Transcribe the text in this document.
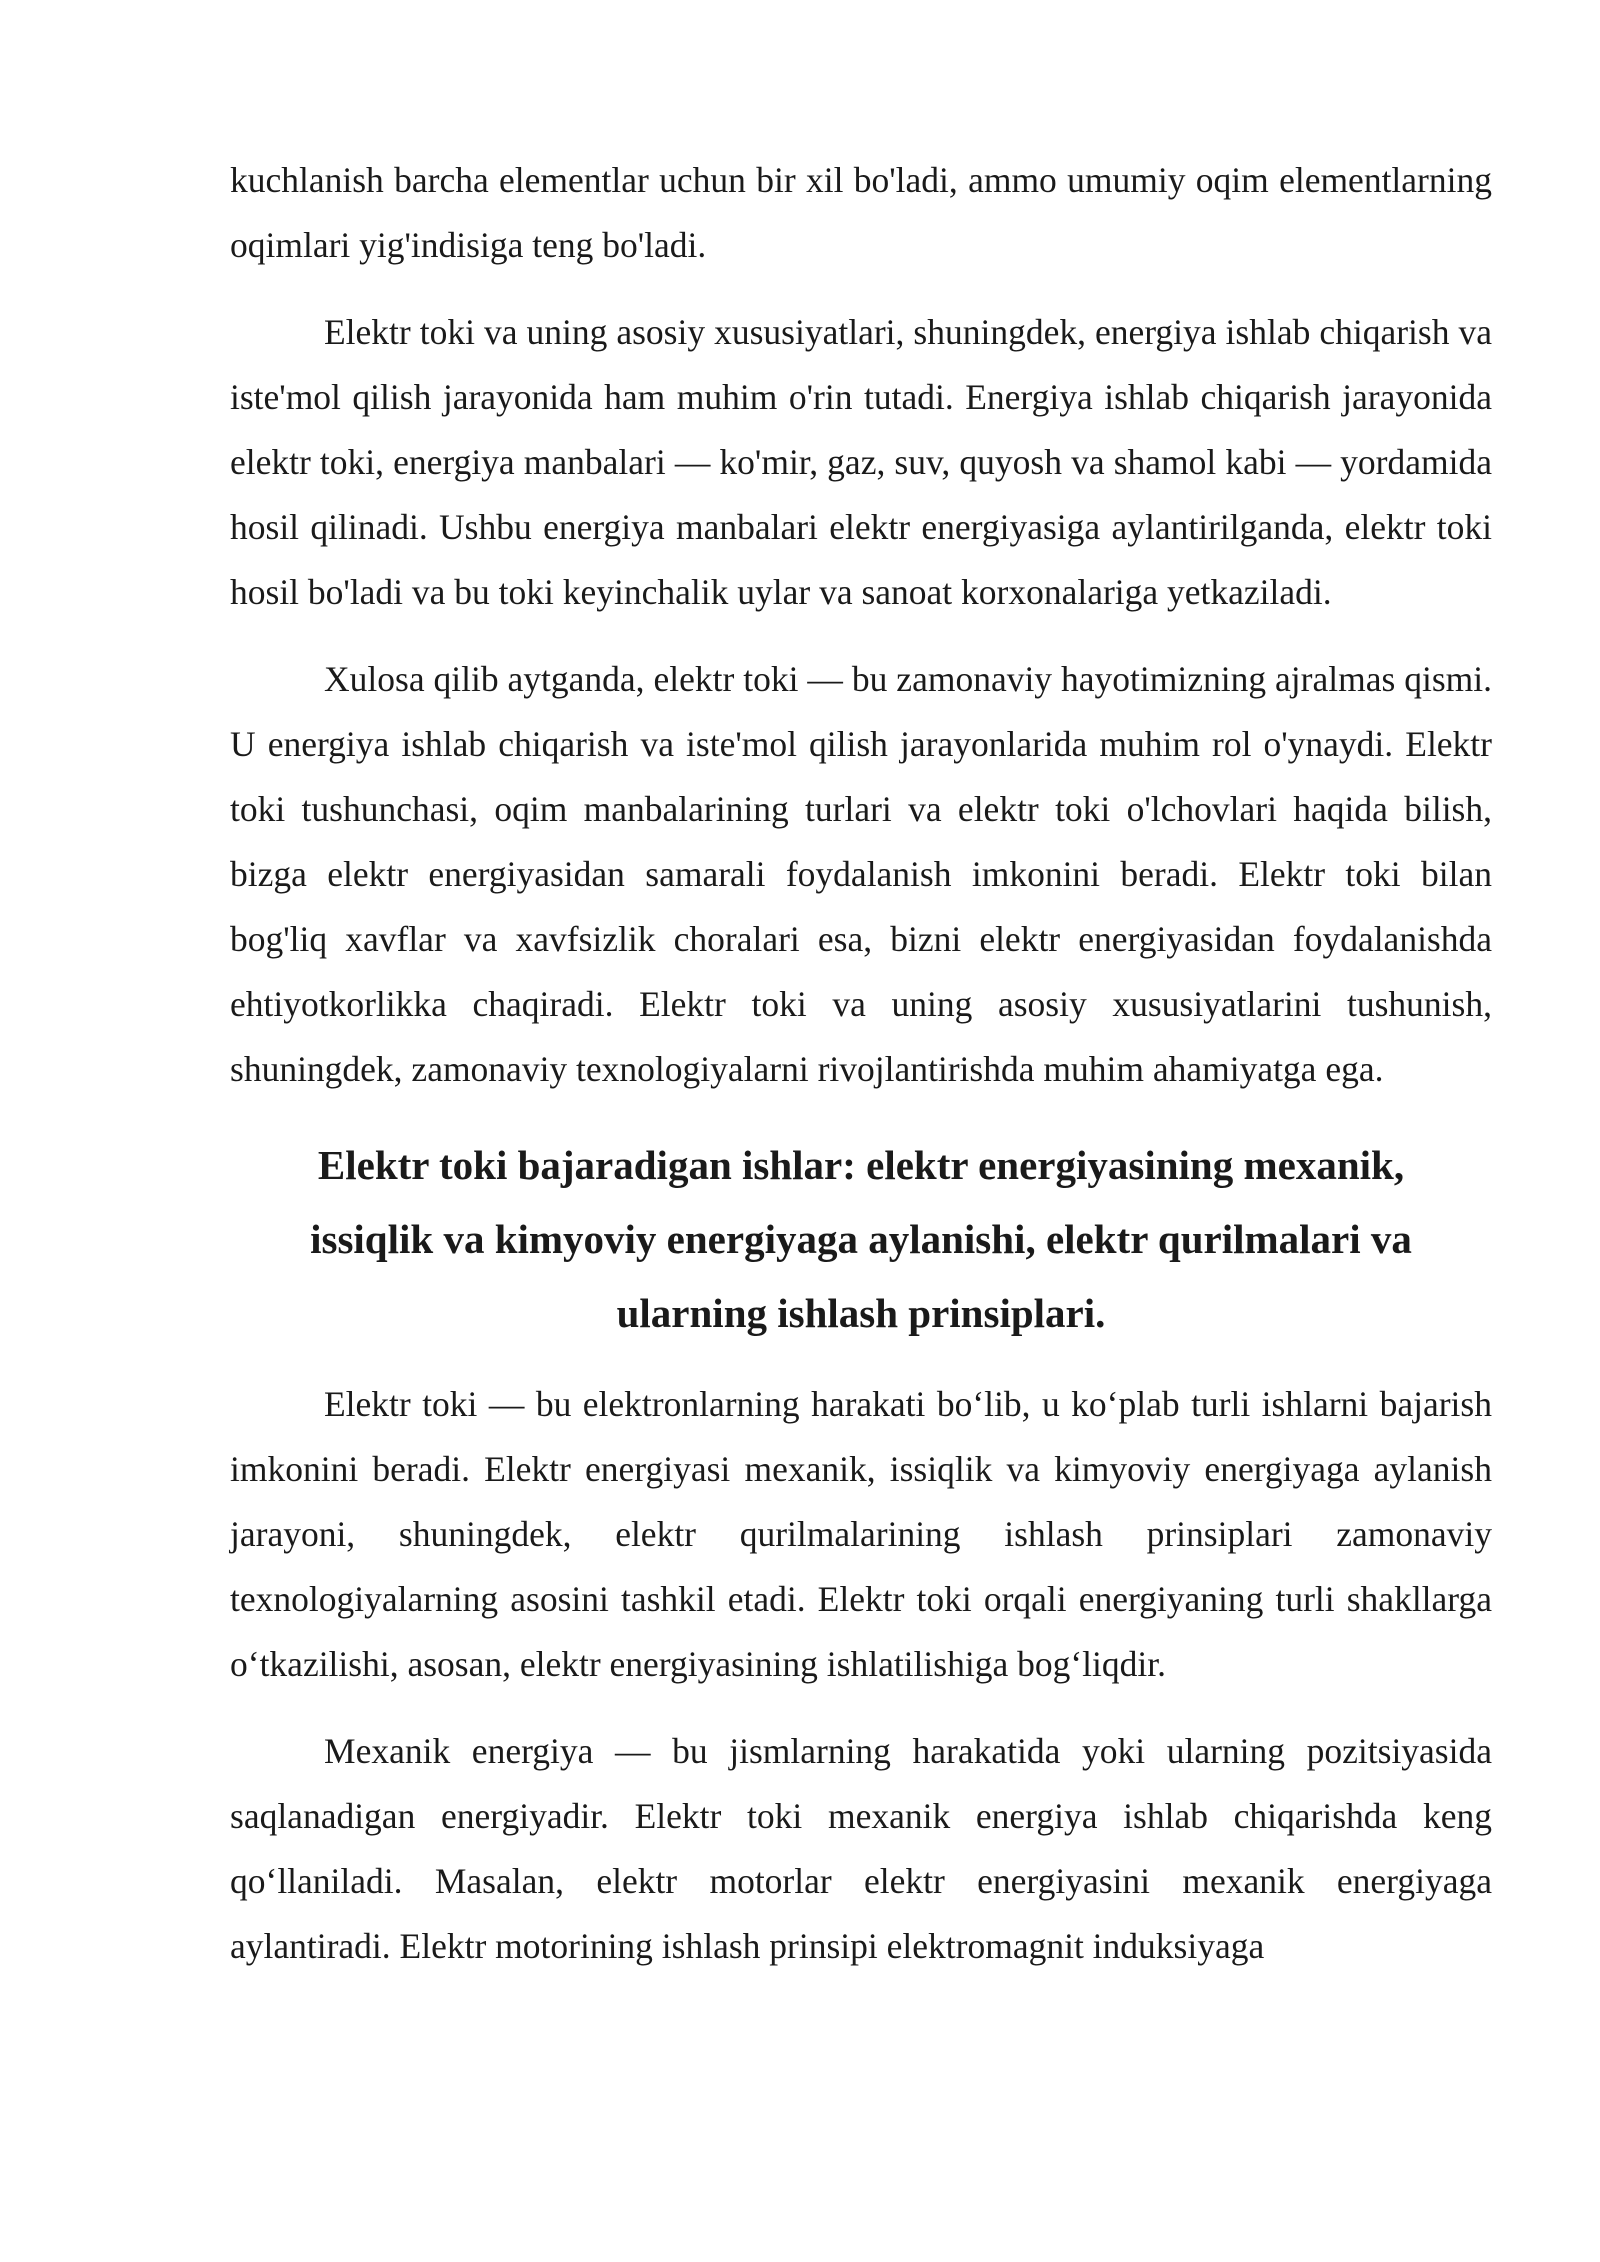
kuchlanish barcha elementlar uchun bir xil bo'ladi, ammo umumiy oqim elementlarning oqimlari yig'indisiga teng bo'ladi.

Elektr toki va uning asosiy xususiyatlari, shuningdek, energiya ishlab chiqarish va iste'mol qilish jarayonida ham muhim o'rin tutadi. Energiya ishlab chiqarish jarayonida elektr toki, energiya manbalari — ko'mir, gaz, suv, quyosh va shamol kabi — yordamida hosil qilinadi. Ushbu energiya manbalari elektr energiyasiga aylantirilganda, elektr toki hosil bo'ladi va bu toki keyinchalik uylar va sanoat korxonalariga yetkaziladi.

Xulosa qilib aytganda, elektr toki — bu zamonaviy hayotimizning ajralmas qismi. U energiya ishlab chiqarish va iste'mol qilish jarayonlarida muhim rol o'ynaydi. Elektr toki tushunchasi, oqim manbalarining turlari va elektr toki o'lchovlari haqida bilish, bizga elektr energiyasidan samarali foydalanish imkonini beradi. Elektr toki bilan bog'liq xavflar va xavfsizlik choralari esa, bizni elektr energiyasidan foydalanishda ehtiyotkorlikka chaqiradi. Elektr toki va uning asosiy xususiyatlarini tushunish, shuningdek, zamonaviy texnologiyalarni rivojlantirishda muhim ahamiyatga ega.

Elektr toki bajaradigan ishlar: elektr energiyasining mexanik, issiqlik va kimyoviy energiyaga aylanishi, elektr qurilmalari va ularning ishlash prinsiplari.

Elektr toki — bu elektronlarning harakati bo‘lib, u ko‘plab turli ishlarni bajarish imkonini beradi. Elektr energiyasi mexanik, issiqlik va kimyoviy energiyaga aylanish jarayoni, shuningdek, elektr qurilmalarining ishlash prinsiplari zamonaviy texnologiyalarning asosini tashkil etadi. Elektr toki orqali energiyaning turli shakllarga o‘tkazilishi, asosan, elektr energiyasining ishlatilishiga bog‘liqdir.

Mexanik energiya — bu jismlarning harakatida yoki ularning pozitsiyasida saqlanadigan energiyadir. Elektr toki mexanik energiya ishlab chiqarishda keng qo‘llaniladi. Masalan, elektr motorlar elektr energiyasini mexanik energiyaga aylantiradi. Elektr motorining ishlash prinsipi elektromagnit induksiyaga
